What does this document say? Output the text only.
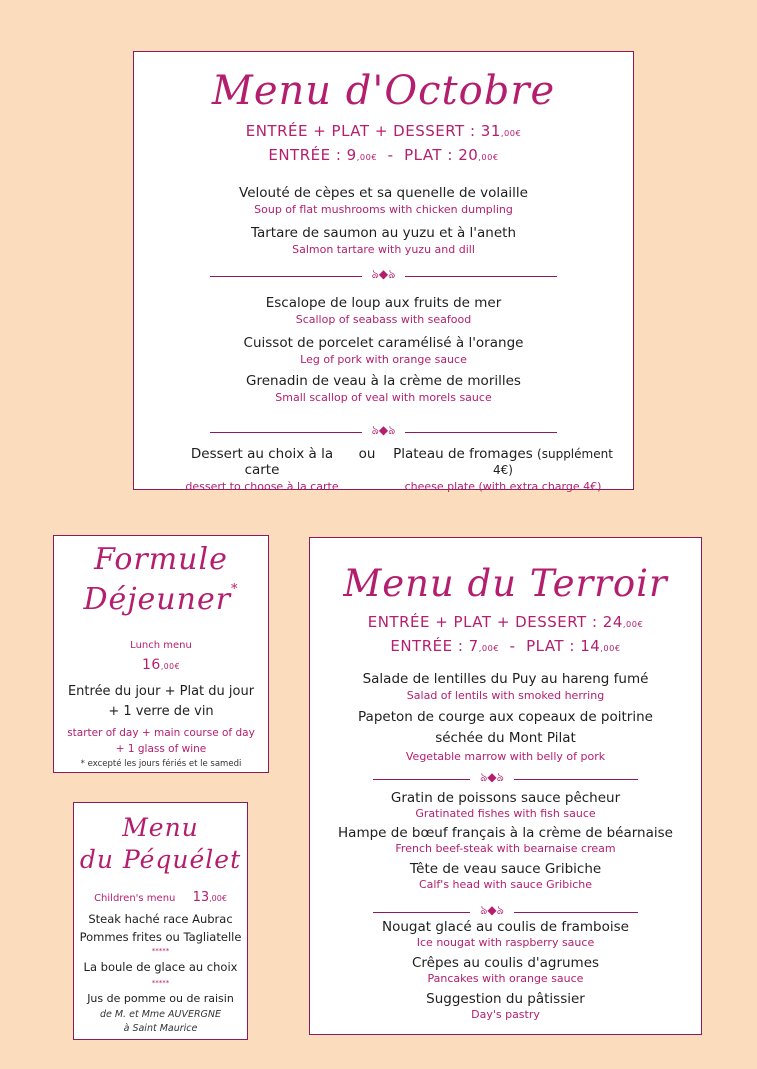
Menu d'Octobre
ENTRÉE + PLAT + DESSERT : 31,00€
ENTRÉE : 9,00€  -  PLAT : 20,00€
Velouté de cèpes et sa quenelle de volaille
Soup of flat mushrooms with chicken dumpling
Tartare de saumon au yuzu et à l'aneth
Salmon tartare with yuzu and dill
ঌ◆ঌ
Escalope de loup aux fruits de mer
Scallop of seabass with seafood
Cuissot de porcelet caramélisé à l'orange
Leg of pork with orange sauce
Grenadin de veau à la crème de morilles
Small scallop of veal with morels sauce
ঌ◆ঌ
Dessert au choix à la carte
dessert to choose à la carte
ou	Plateau de fromages (supplément 4€)
cheese plate (with extra charge 4€)
Formule
Déjeuner*
Lunch menu
16,00€
Entrée du jour + Plat du jour
+ 1 verre de vin
starter of day + main course of day
+ 1 glass of wine
* excepté les jours fériés et le samedi
Menu
du Péquélet
Children's menu 13,00€
Steak haché race Aubrac
Pommes frites ou Tagliatelle
*****
La boule de glace au choix
*****
Jus de pomme ou de raisin
de M. et Mme AUVERGNE
à Saint Maurice
Menu du Terroir
ENTRÉE + PLAT + DESSERT : 24,00€
ENTRÉE : 7,00€  -  PLAT : 14,00€
Salade de lentilles du Puy au hareng fumé
Salad of lentils with smoked herring
Papeton de courge aux copeaux de poitrine
séchée du Mont Pilat
Vegetable marrow with belly of pork
ঌ◆ঌ
Gratin de poissons sauce pêcheur
Gratinated fishes with fish sauce
Hampe de bœuf français à la crème de béarnaise
French beef-steak with bearnaise cream
Tête de veau sauce Gribiche
Calf's head with sauce Gribiche
ঌ◆ঌ
Nougat glacé au coulis de framboise
Ice nougat with raspberry sauce
Crêpes au coulis d'agrumes
Pancakes with orange sauce
Suggestion du pâtissier
Day's pastry
